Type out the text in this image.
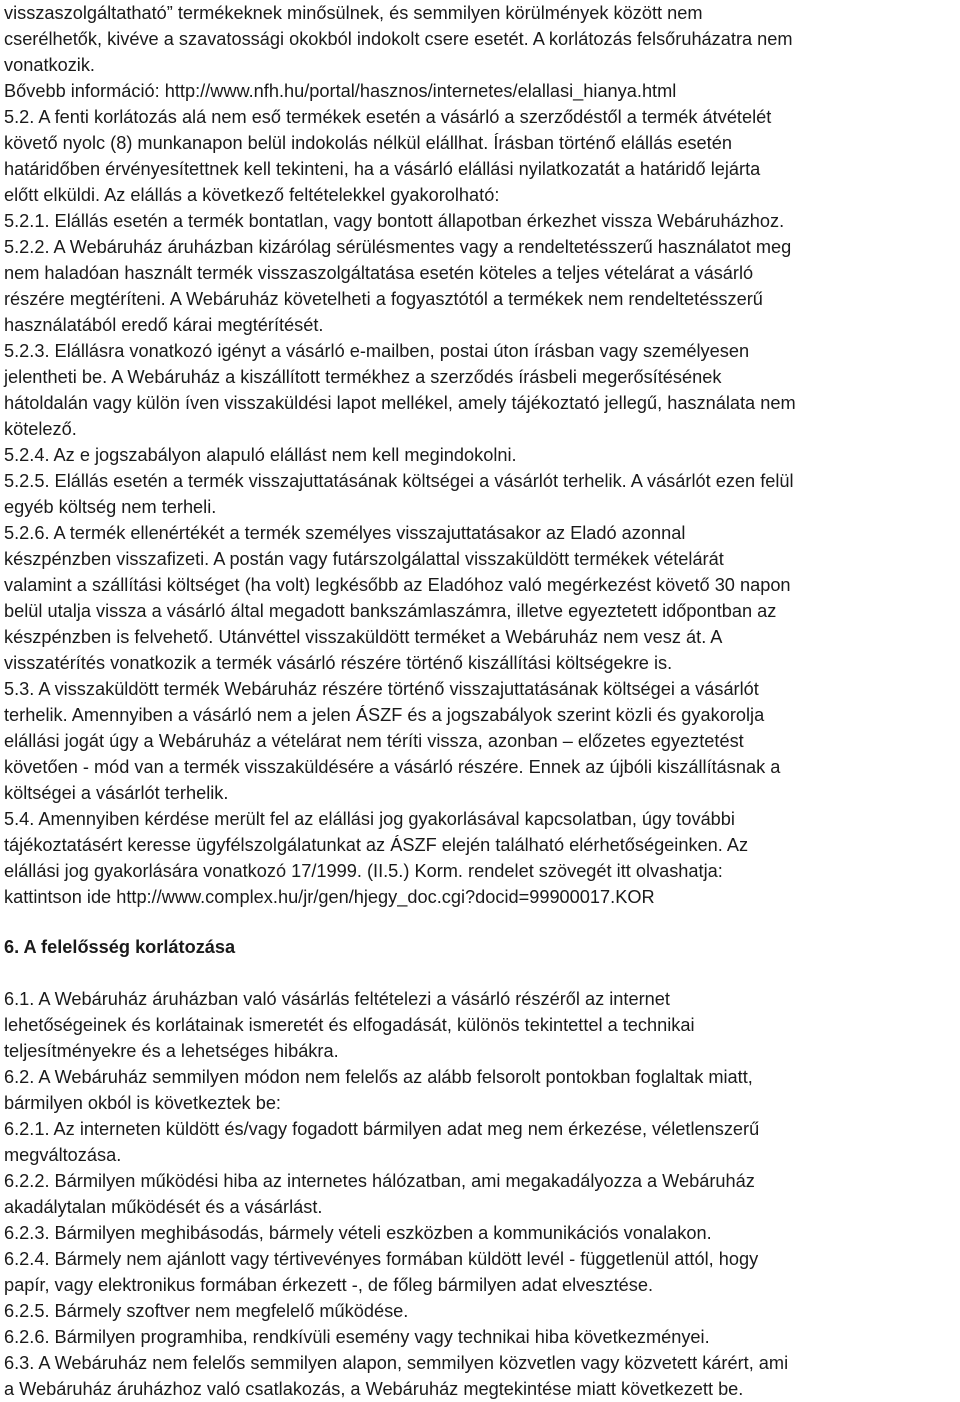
visszaszolgáltatható” termékeknek minősülnek, és semmilyen körülmények között nem
cserélhetők, kivéve a szavatossági okokból indokolt csere esetét. A korlátozás felsőruházatra nem
vonatkozik.
Bővebb információ: http://www.nfh.hu/portal/hasznos/internetes/elallasi_hianya.html
5.2. A fenti korlátozás alá nem eső termékek esetén a vásárló a szerződéstől a termék átvételét
követő nyolc (8) munkanapon belül indokolás nélkül elállhat. Írásban történő elállás esetén
határidőben érvényesítettnek kell tekinteni, ha a vásárló elállási nyilatkozatát a határidő lejárta
előtt elküldi. Az elállás a következő feltételekkel gyakorolható:
5.2.1. Elállás esetén a termék bontatlan, vagy bontott állapotban érkezhet vissza Webáruházhoz.
5.2.2. A Webáruház áruházban kizárólag sérülésmentes vagy a rendeltetésszerű használatot meg
nem haladóan használt termék visszaszolgáltatása esetén köteles a teljes vételárat a vásárló
részére megtéríteni. A Webáruház követelheti a fogyasztótól a termékek nem rendeltetésszerű
használatából eredő kárai megtérítését.
5.2.3. Elállásra vonatkozó igényt a vásárló e-mailben, postai úton írásban vagy személyesen
jelentheti be. A Webáruház a kiszállított termékhez a szerződés írásbeli megerősítésének
hátoldalán vagy külön íven visszaküldési lapot mellékel, amely tájékoztató jellegű, használata nem
kötelező.
5.2.4. Az e jogszabályon alapuló elállást nem kell megindokolni.
5.2.5. Elállás esetén a termék visszajuttatásának költségei a vásárlót terhelik. A vásárlót ezen felül
egyéb költség nem terheli.
5.2.6. A termék ellenértékét a termék személyes visszajuttatásakor az Eladó azonnal
készpénzben visszafizeti. A postán vagy futárszolgálattal visszaküldött termékek vételárát
valamint a szállítási költséget (ha volt) legkésőbb az Eladóhoz való megérkezést követő 30 napon
belül utalja vissza a vásárló által megadott bankszámlaszámra, illetve egyeztetett időpontban az
készpénzben is felvehető. Utánvéttel visszaküldött terméket a Webáruház nem vesz át. A
visszatérítés vonatkozik a termék vásárló részére történő kiszállítási költségekre is.
5.3. A visszaküldött termék Webáruház részére történő visszajuttatásának költségei a vásárlót
terhelik. Amennyiben a vásárló nem a jelen ÁSZF és a jogszabályok szerint közli és gyakorolja
elállási jogát úgy a Webáruház a vételárat nem téríti vissza, azonban – előzetes egyeztetést
követően - mód van a termék visszaküldésére a vásárló részére. Ennek az újbóli kiszállításnak a
költségei a vásárlót terhelik.
5.4. Amennyiben kérdése merült fel az elállási jog gyakorlásával kapcsolatban, úgy további
tájékoztatásért keresse ügyfélszolgálatunkat az ÁSZF elején található elérhetőségeinken. Az
elállási jog gyakorlására vonatkozó 17/1999. (II.5.) Korm. rendelet szövegét itt olvashatja:
kattintson ide http://www.complex.hu/jr/gen/hjegy_doc.cgi?docid=99900017.KOR
6. A felelősség korlátozása
6.1. A Webáruház áruházban való vásárlás feltételezi a vásárló részéről az internet
lehetőségeinek és korlátainak ismeretét és elfogadását, különös tekintettel a technikai
teljesítményekre és a lehetséges hibákra.
6.2. A Webáruház semmilyen módon nem felelős az alább felsorolt pontokban foglaltak miatt,
bármilyen okból is következtek be:
6.2.1. Az interneten küldött és/vagy fogadott bármilyen adat meg nem érkezése, véletlenszerű
megváltozása.
6.2.2. Bármilyen működési hiba az internetes hálózatban, ami megakadályozza a Webáruház
akadálytalan működését és a vásárlást.
6.2.3. Bármilyen meghibásodás, bármely vételi eszközben a kommunikációs vonalakon.
6.2.4. Bármely nem ajánlott vagy tértivevényes formában küldött levél - függetlenül attól, hogy
papír, vagy elektronikus formában érkezett -, de főleg bármilyen adat elvesztése.
6.2.5. Bármely szoftver nem megfelelő működése.
6.2.6. Bármilyen programhiba, rendkívüli esemény vagy technikai hiba következményei.
6.3. A Webáruház nem felelős semmilyen alapon, semmilyen közvetlen vagy közvetett kárért, ami
a Webáruház áruházhoz való csatlakozás, a Webáruház megtekintése miatt következett be.
